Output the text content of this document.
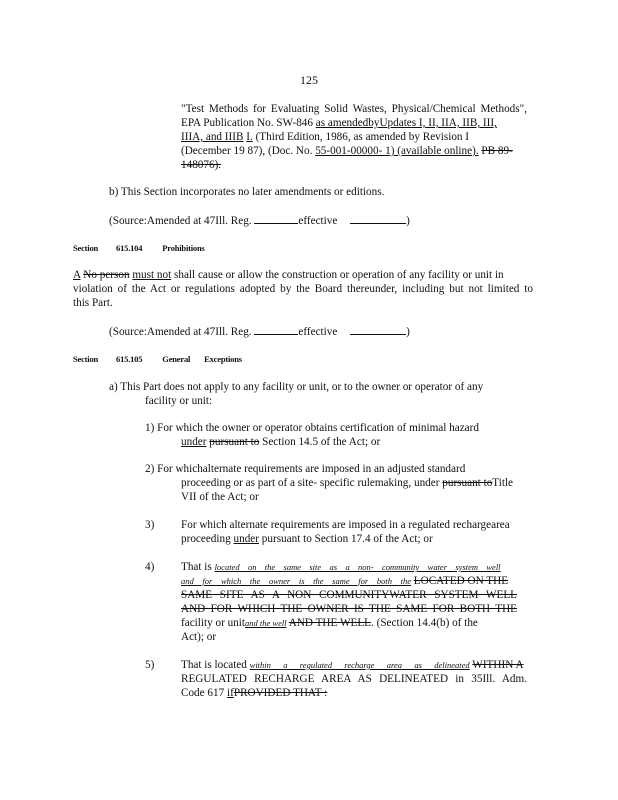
125
"Test Methods for Evaluating Solid Wastes, Physical/Chemical Methods",
EPA Publication No. SW-846 as amendedbyUpdates I, II, IIA, IIB, III,
IIIA, and IIIB I. (Third Edition, 1986, as amended by Revision I
(December 19 87), (Doc. No. 55-001-00000- 1) (available online). PB 89-
148076).
b) This Section incorporates no later amendments or editions.
(Source:Amended at 47Ill. Reg.	effective	)
Section 615.104 Prohibitions
A No person must not shall cause or allow the construction or operation of any facility or unit in
violation of the Act or regulations adopted by the Board thereunder, including but not limited to
this Part.
(Source:Amended at 47Ill. Reg.	effective	)
Section 615.105 General Exceptions
a) This Part does not apply to any facility or unit, or to the owner or operator of any
facility or unit:
1) For which the owner or operator obtains certification of minimal hazard
under pursuant to Section 14.5 of the Act; or
2) For whichalternate requirements are imposed in an adjusted standard
proceeding or as part of a site- specific rulemaking, under pursuant toTitle
VII of the Act; or
3) For which alternate requirements are imposed in a regulated rechargearea
proceeding under pursuant to Section 17.4 of the Act; or
4) That is located on the same site as a non- community water system well
and for which the owner is the same for both the LOCATED ON THE
SAME SITE AS A NON COMMUNITYWATER SYSTEM WELL
AND FOR WHICH THE OWNER IS THE SAME FOR BOTH THE
facility or unitand the well AND THE WELL. (Section 14.4(b) of the
Act); or
5) That is located within a regulated recharge area as delineated WITHIN A
REGULATED RECHARGE AREA AS DELINEATED in 35Ill. Adm.
Code 617 ifPROVIDED THAT :
